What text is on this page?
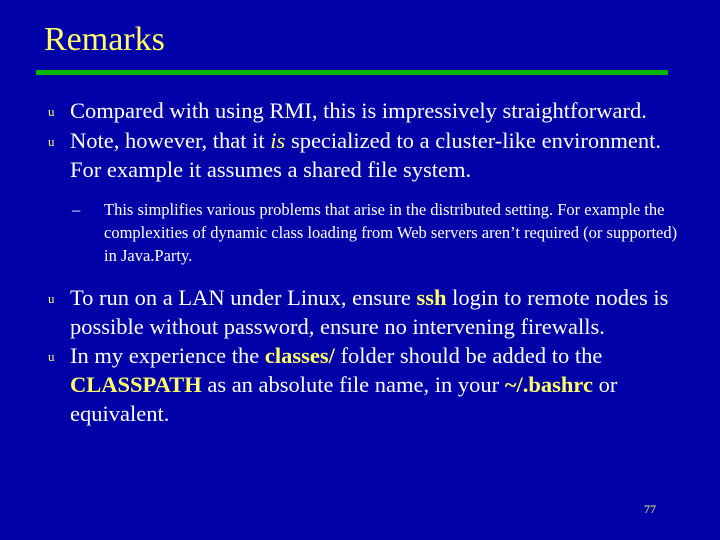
Remarks
u Compared with using RMI, this is impressively straightforward.
u Note, however, that it is specialized to a cluster-like environment. For example it assumes a shared file system.
–	This simplifies various problems that arise in the distributed setting. For example the complexities of dynamic class loading from Web servers aren’t required (or supported) in Java.Party.
u To run on a LAN under Linux, ensure ssh login to remote nodes is possible without password, ensure no intervening firewalls.
u In my experience the classes/ folder should be added to the CLASSPATH as an absolute file name, in your ~/.bashrc or equivalent.
77
